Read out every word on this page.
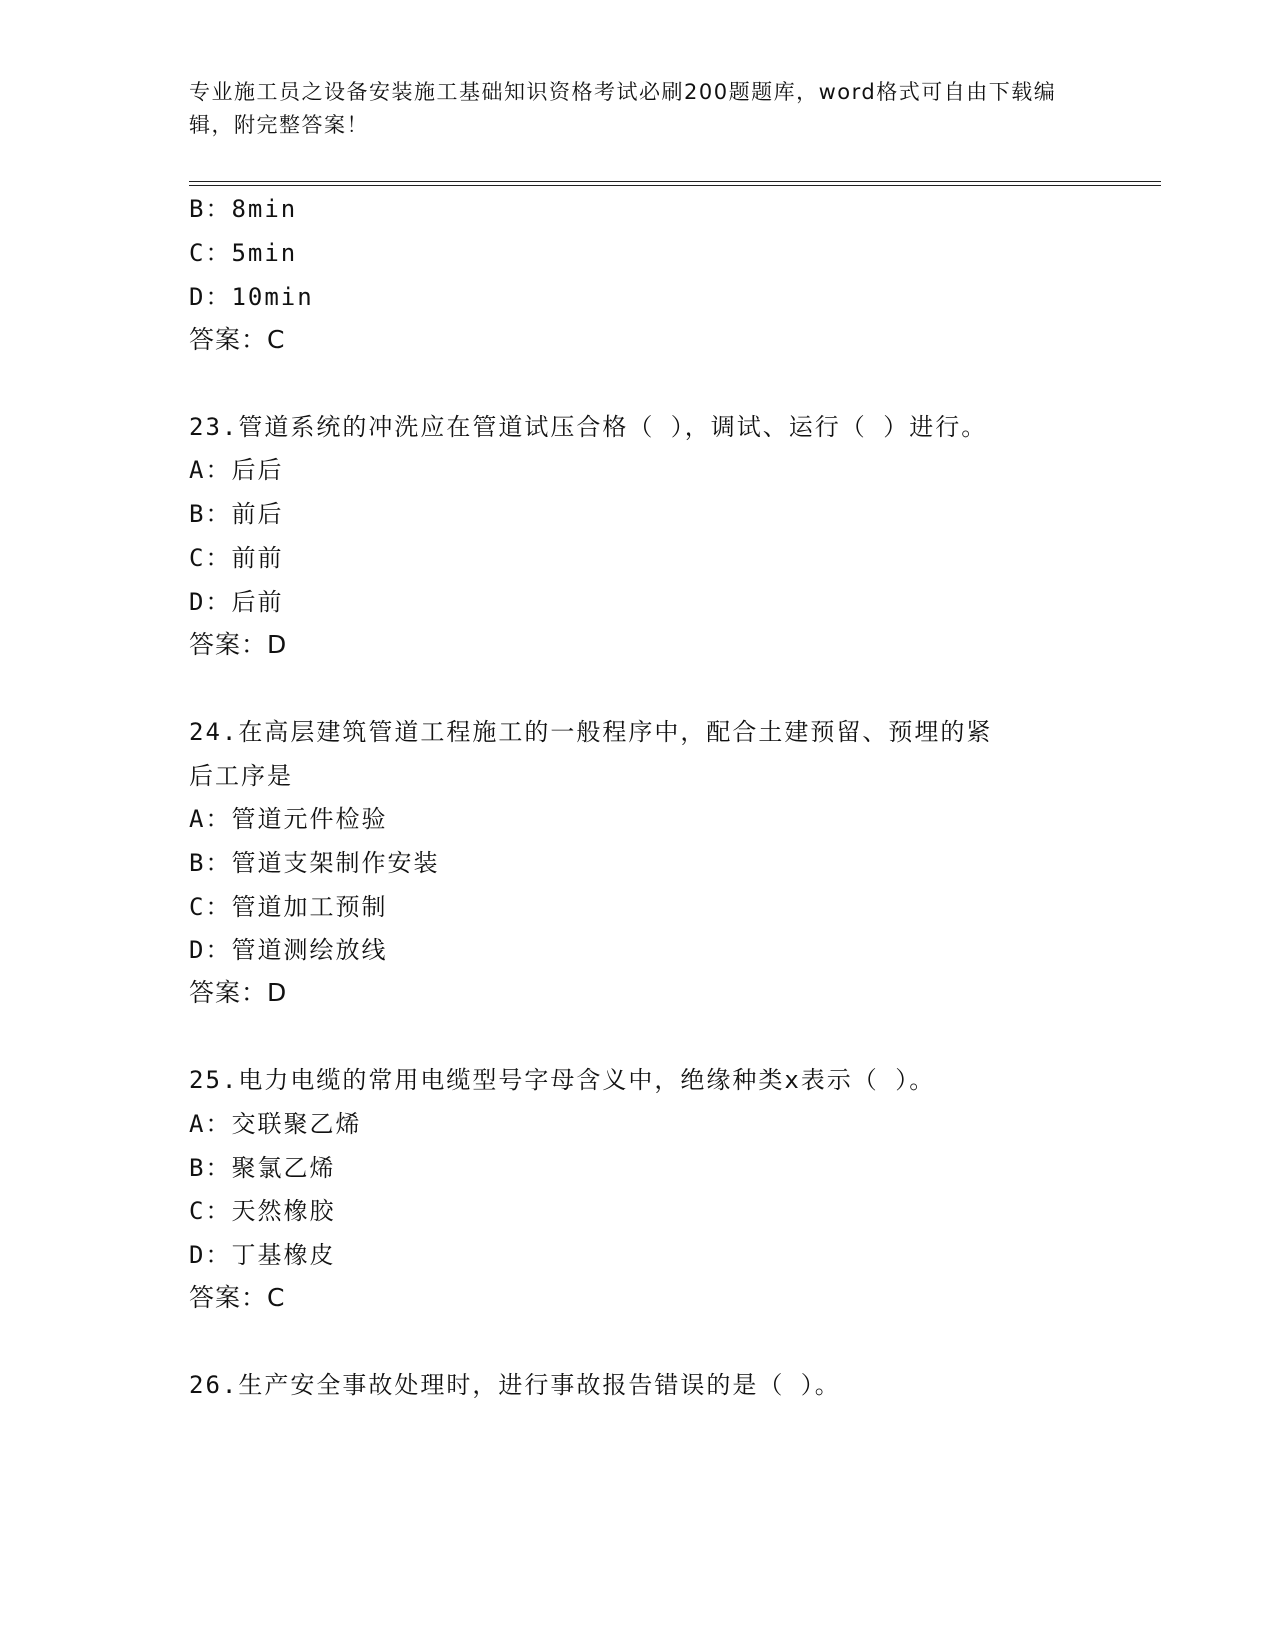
专业施工员之设备安装施工基础知识资格考试必刷200题题库，word格式可自由下载编辑，附完整答案！
B：8min
C：5min
D：10min
答案：C
23.管道系统的冲洗应在管道试压合格（ ），调试、运行（ ）进行。
A：后后
B：前后
C：前前
D：后前
答案：D
24.在高层建筑管道工程施工的一般程序中，配合土建预留、预埋的紧
后工序是
A：管道元件检验
B：管道支架制作安装
C：管道加工预制
D：管道测绘放线
答案：D
25.电力电缆的常用电缆型号字母含义中，绝缘种类x表示（ ）。
A：交联聚乙烯
B：聚氯乙烯
C：天然橡胶
D：丁基橡皮
答案：C
26.生产安全事故处理时，进行事故报告错误的是（ ）。
